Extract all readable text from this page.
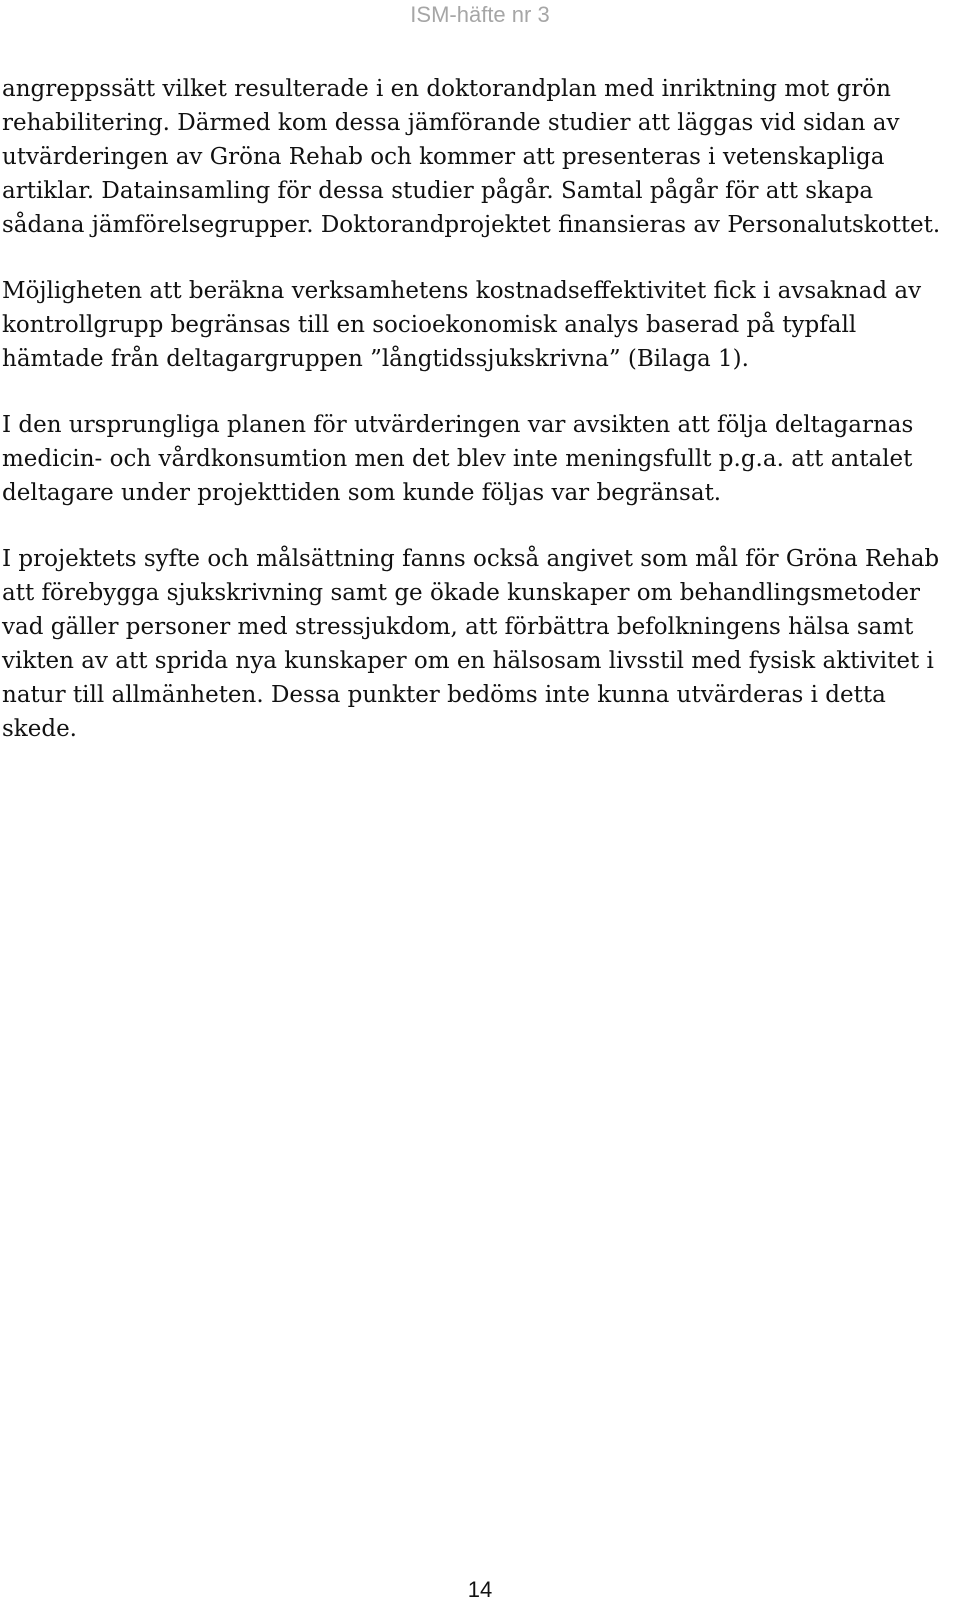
ISM-häfte nr 3

angreppssätt vilket resulterade i en doktorandplan med inriktning mot grön rehabilitering. Därmed kom dessa jämförande studier att läggas vid sidan av utvärderingen av Gröna Rehab och kommer att presenteras i vetenskapliga artiklar. Datainsamling för dessa studier pågår. Samtal pågår för att skapa sådana jämförelsegrupper. Doktorandprojektet finansieras av Personalutskottet.

Möjligheten att beräkna verksamhetens kostnadseffektivitet fick i avsaknad av kontrollgrupp begränsas till en socioekonomisk analys baserad på typfall hämtade från deltagargruppen ”långtidssjukskrivna” (Bilaga 1).

I den ursprungliga planen för utvärderingen var avsikten att följa deltagarnas medicin- och vårdkonsumtion men det blev inte meningsfullt p.g.a. att antalet deltagare under projekttiden som kunde följas var begränsat.

I projektets syfte och målsättning fanns också angivet som mål för Gröna Rehab att förebygga sjukskrivning samt ge ökade kunskaper om behandlingsmetoder vad gäller personer med stressjukdom, att förbättra befolkningens hälsa samt vikten av att sprida nya kunskaper om en hälsosam livsstil med fysisk aktivitet i natur till allmänheten. Dessa punkter bedöms inte kunna utvärderas i detta skede.

14
